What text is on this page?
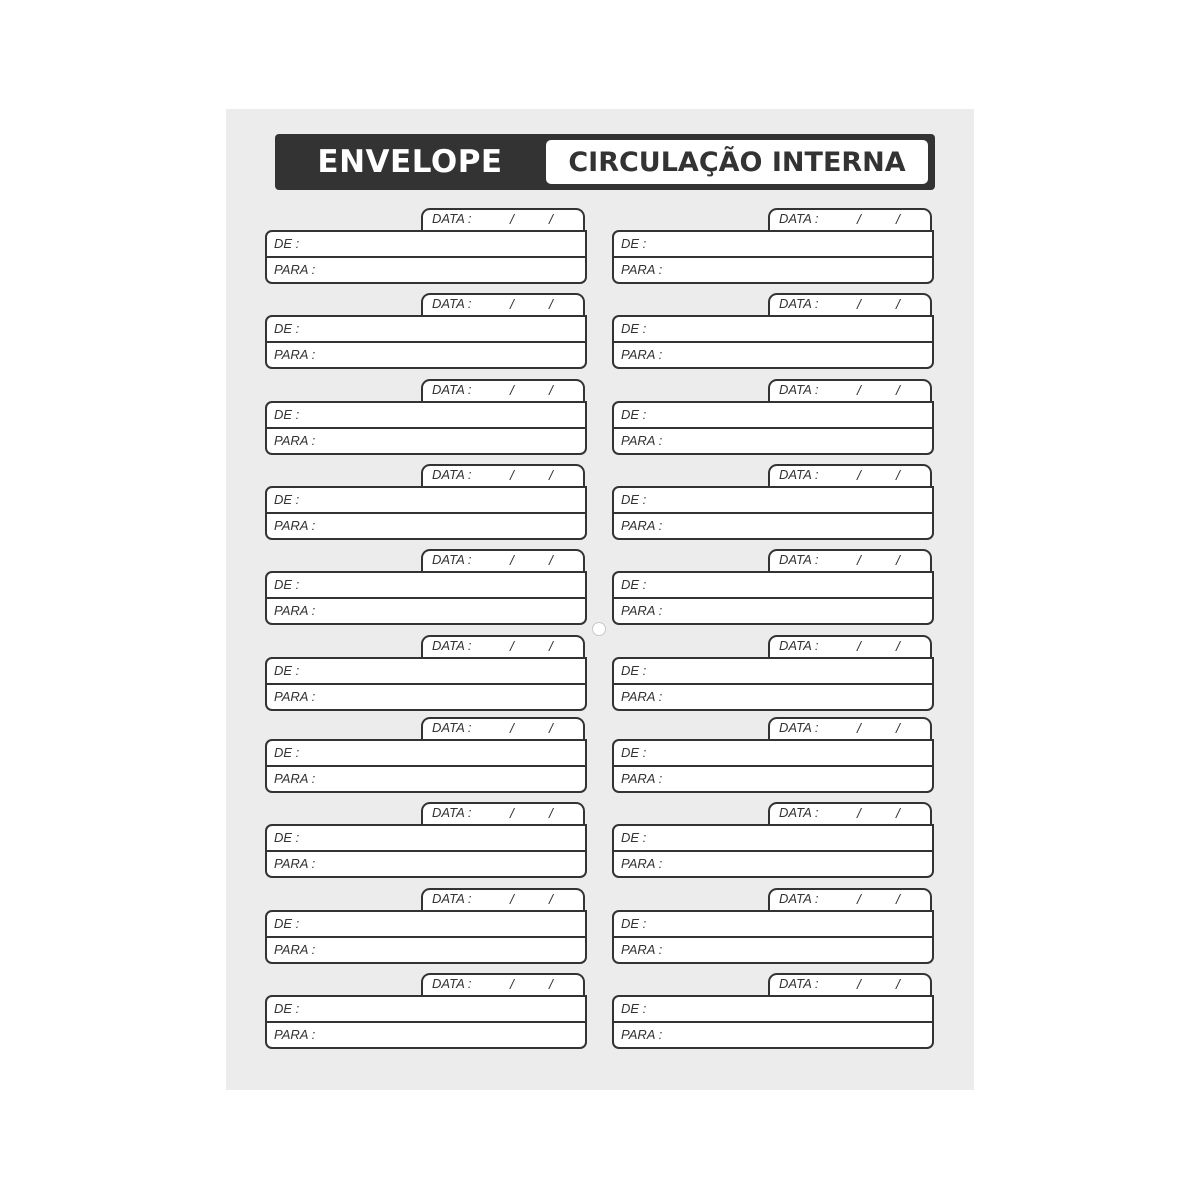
ENVELOPE	CIRCULAÇÃO INTERNA
DATA :	/	/
DE :
PARA :
DATA :	/	/
DE :
PARA :
DATA :	/	/
DE :
PARA :
DATA :	/	/
DE :
PARA :
DATA :	/	/
DE :
PARA :
DATA :	/	/
DE :
PARA :
DATA :	/	/
DE :
PARA :
DATA :	/	/
DE :
PARA :
DATA :	/	/
DE :
PARA :
DATA :	/	/
DE :
PARA :
DATA :	/	/
DE :
PARA :
DATA :	/	/
DE :
PARA :
DATA :	/	/
DE :
PARA :
DATA :	/	/
DE :
PARA :
DATA :	/	/
DE :
PARA :
DATA :	/	/
DE :
PARA :
DATA :	/	/
DE :
PARA :
DATA :	/	/
DE :
PARA :
DATA :	/	/
DE :
PARA :
DATA :	/	/
DE :
PARA :
